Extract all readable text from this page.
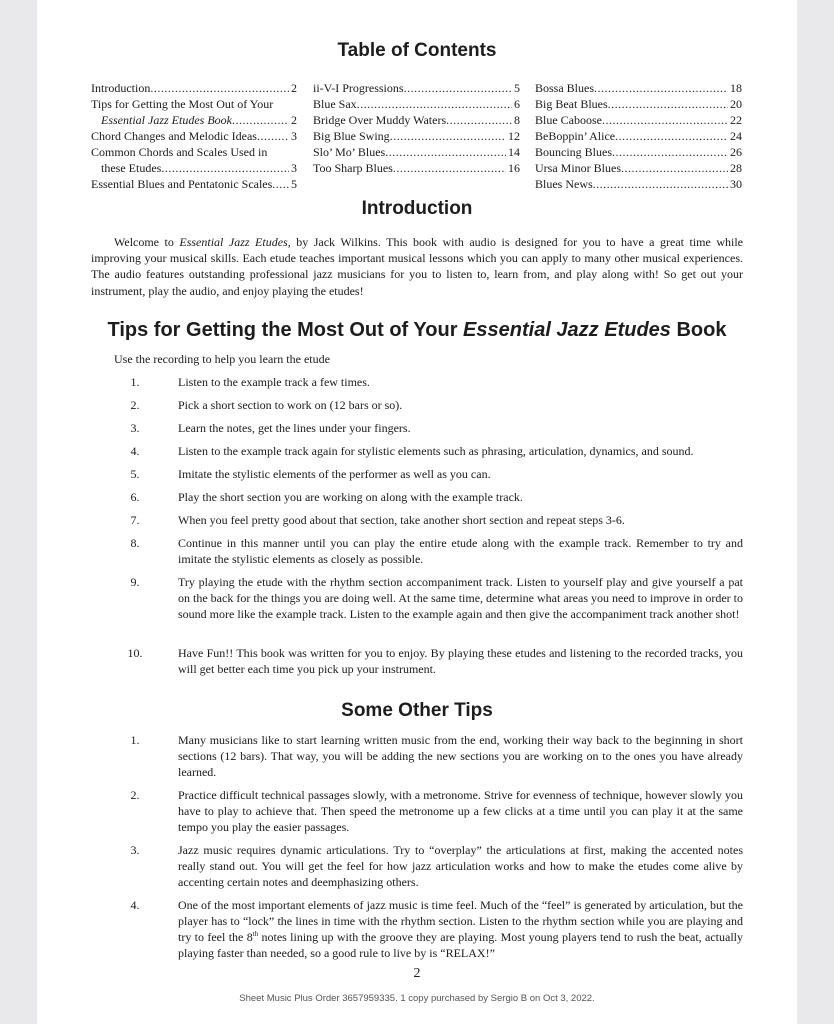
Table of Contents
Introduction .....	2
Tips for Getting the Most Out of Your
Essential Jazz Etudes Book .....	2
Chord Changes and Melodic Ideas .....	3
Common Chords and Scales Used in
these Etudes .....	3
Essential Blues and Pentatonic Scales ..... 5
ii-V-I Progressions .....	5
Blue Sax .....	6
Bridge Over Muddy Waters .....	8
Big Blue Swing .....	12
Slo’ Mo’ Blues .....	14
Too Sharp Blues .....	16
Bossa Blues .....	18
Big Beat Blues .....	20
Blue Caboose .....	22
BeBoppin’ Alice .....	24
Bouncing Blues .....	26
Ursa Minor Blues .....	28
Blues News .....	30
Introduction

Welcome to Essential Jazz Etudes, by Jack Wilkins. This book with audio is designed for you to have a great time while improving your musical skills. Each etude teaches important musical lessons which you can apply to many other musical experiences. The audio features outstanding professional jazz musicians for you to listen to, learn from, and play along with! So get out your instrument, play the audio, and enjoy playing the etudes!

Tips for Getting the Most Out of Your Essential Jazz Etudes Book

Use the recording to help you learn the etude

1.	Listen to the example track a few times.
2.	Pick a short section to work on (12 bars or so).
3.	Learn the notes, get the lines under your fingers.
4.	Listen to the example track again for stylistic elements such as phrasing, articulation, dynamics, and sound.
5.	Imitate the stylistic elements of the performer as well as you can.
6.	Play the short section you are working on along with the example track.
7.	When you feel pretty good about that section, take another short section and repeat steps 3-6.
8.	Continue in this manner until you can play the entire etude along with the example track. Remember to try and imitate the stylistic elements as closely as possible.
9.	Try playing the etude with the rhythm section accompaniment track. Listen to yourself play and give yourself a pat on the back for the things you are doing well. At the same time, determine what areas you need to improve in order to sound more like the example track. Listen to the example again and then give the accompaniment track another shot!
10.	Have Fun!! This book was written for you to enjoy. By playing these etudes and listening to the recorded tracks, you will get better each time you pick up your instrument.
Some Other Tips
1.	Many musicians like to start learning written music from the end, working their way back to the beginning in short sections (12 bars). That way, you will be adding the new sections you are working on to the ones you have already learned.
2.	Practice difficult technical passages slowly, with a metronome. Strive for evenness of technique, however slowly you have to play to achieve that. Then speed the metronome up a few clicks at a time until you can play it at the same tempo you play the easier passages.
3.	Jazz music requires dynamic articulations. Try to “overplay” the articulations at first, making the accented notes really stand out. You will get the feel for how jazz articulation works and how to make the etudes come alive by accenting certain notes and deemphasizing others.
4.	One of the most important elements of jazz music is time feel. Much of the “feel” is generated by articulation, but the player has to “lock” the lines in time with the rhythm section. Listen to the rhythm section while you are playing and try to feel the 8th notes lining up with the groove they are playing. Most young players tend to rush the beat, actually playing faster than needed, so a good rule to live by is “RELAX!”
2
Sheet Music Plus Order 3657959335. 1 copy purchased by Sergio B on Oct 3, 2022.
